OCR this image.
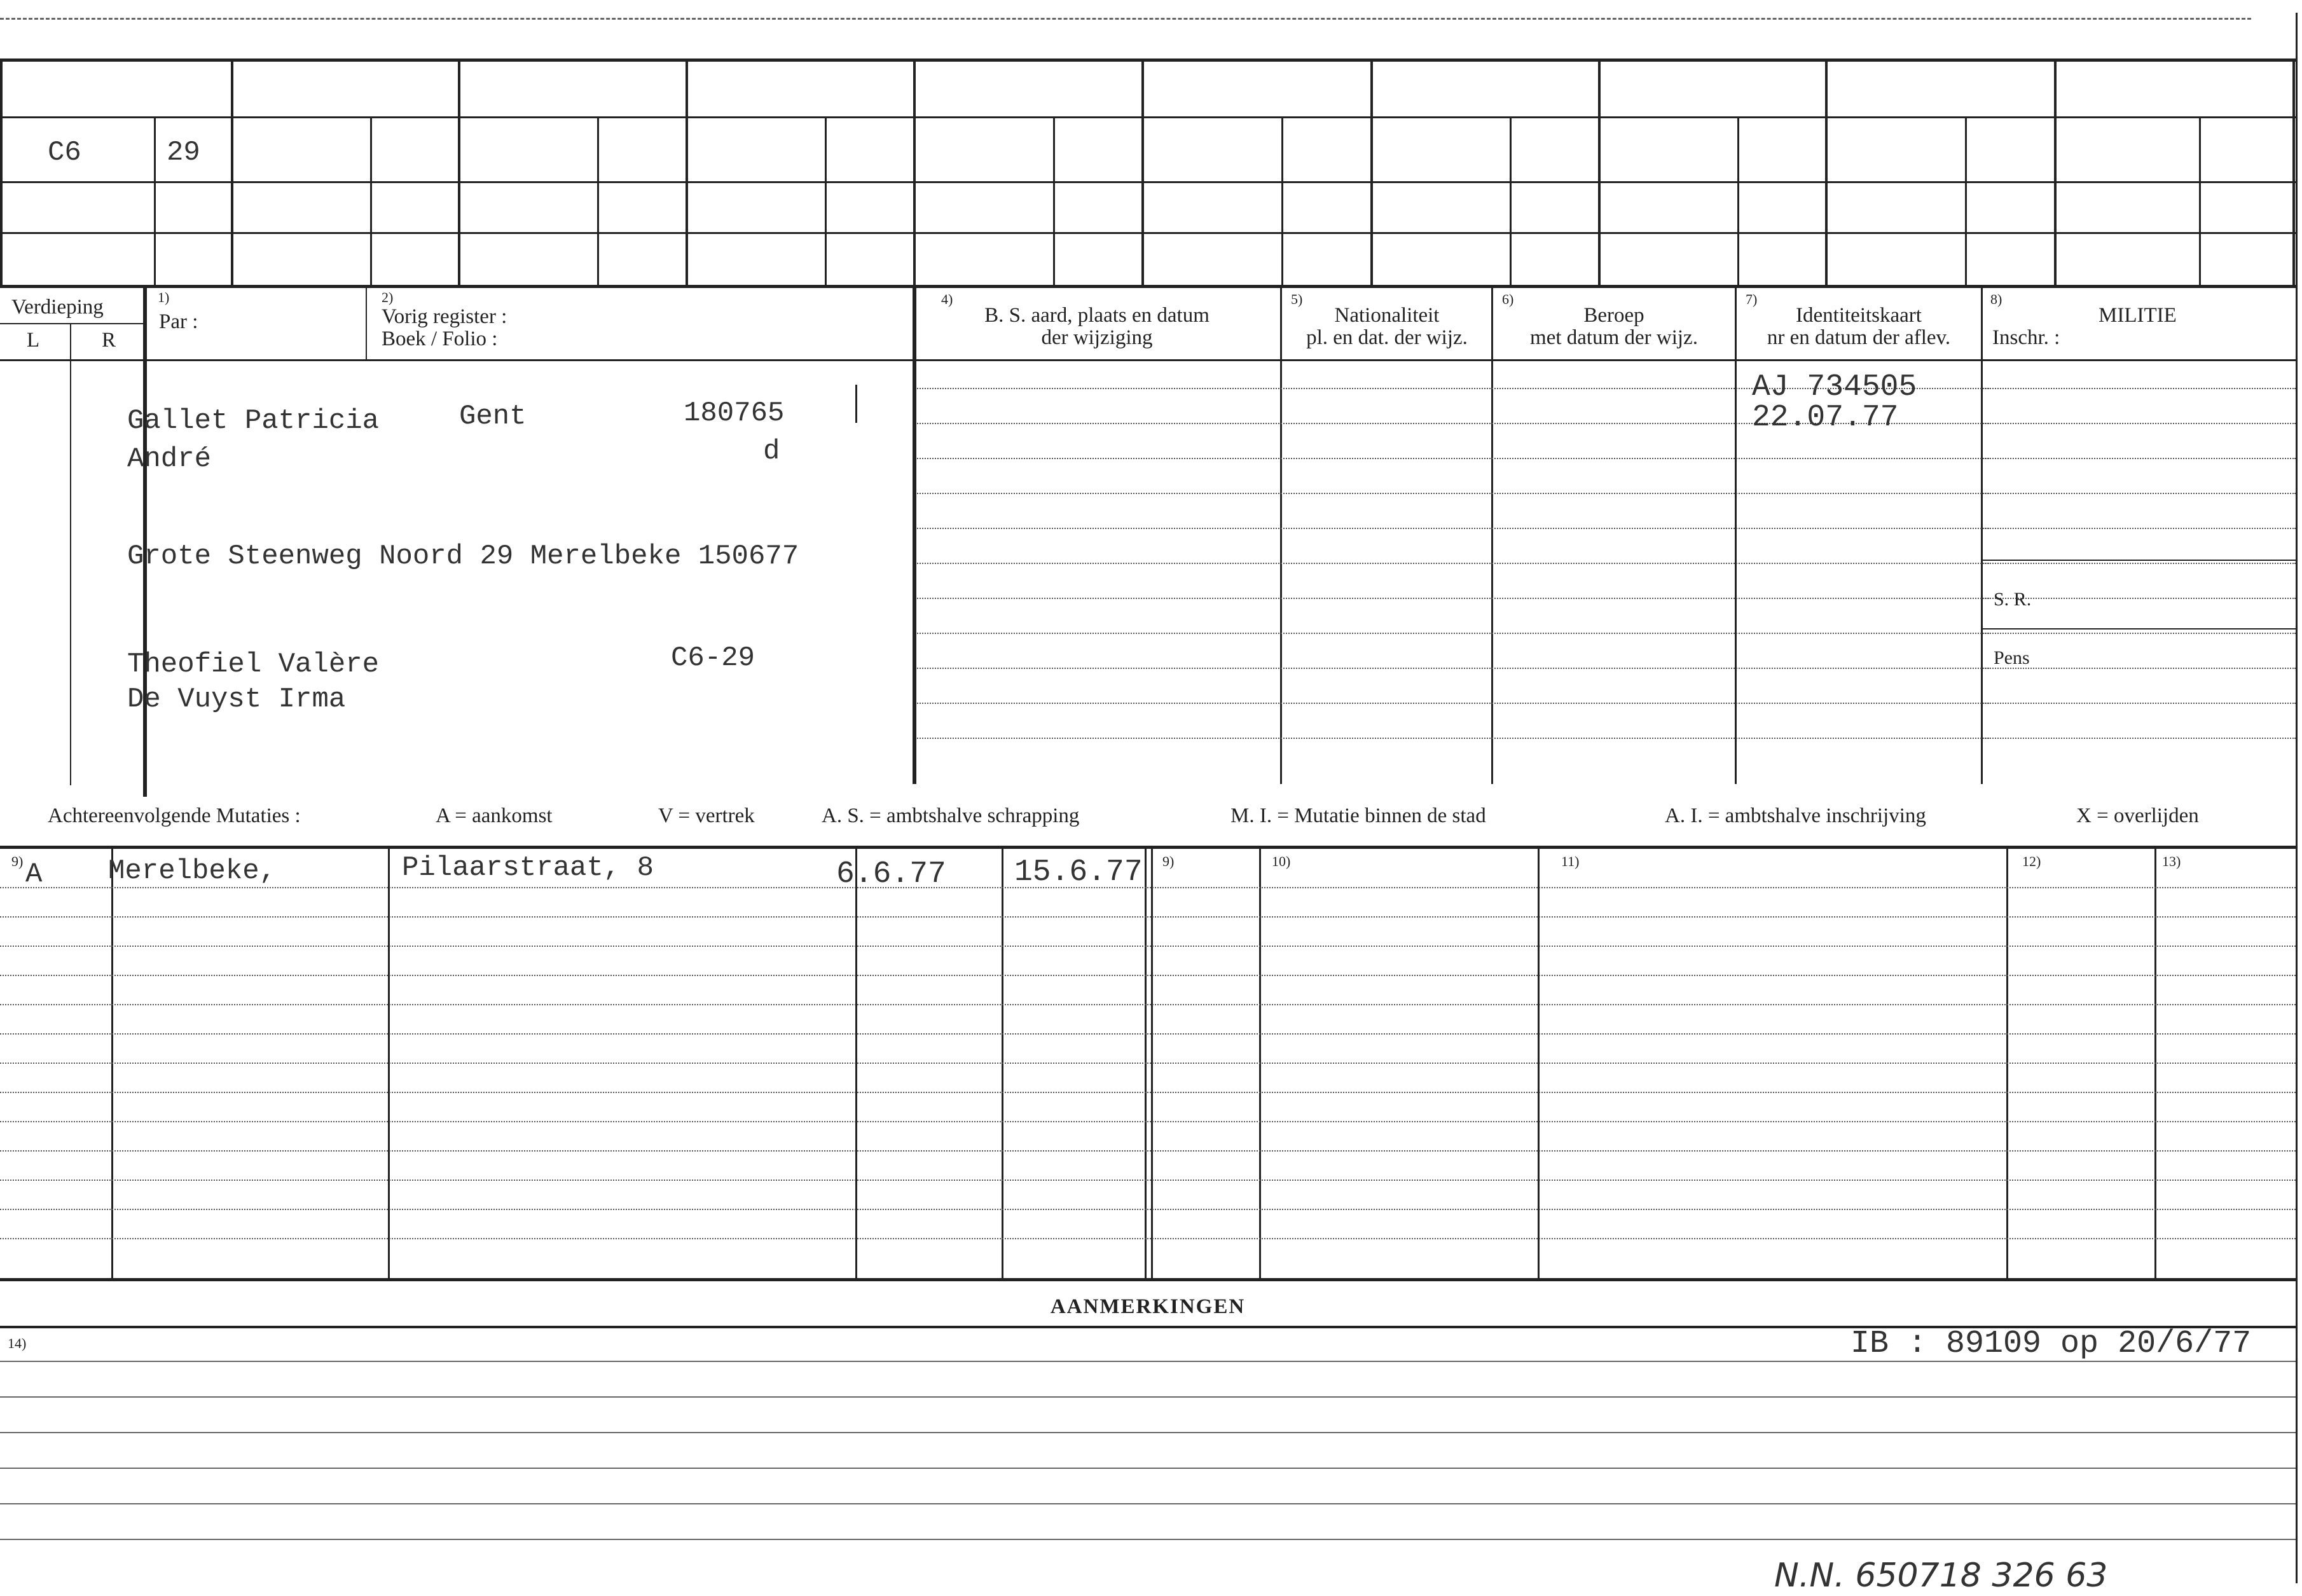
C6	29
Verdieping
L	R
1)
Par :
2)
Vorig register :
Boek / Folio :
4)
B. S. aard, plaats en datum
der wijziging
5)
Nationaliteit
pl. en dat. der wijz.
6)
Beroep
met datum der wijz.
7)
Identiteitskaart
nr en datum der aflev.
8)
MILITIE
Inschr. :
S. R.
Pens
Gallet Patricia
André
Gent	180765
d
Grote Steenweg Noord 29 Merelbeke 150677
Theofiel Valère
De Vuyst Irma
C6-29
AJ 734505
22.07.77
Achtereenvolgende Mutaties :	A = aankomst	V = vertrek	A. S. = ambtshalve schrapping	M. I. = Mutatie binnen de stad	A. I. = ambtshalve inschrijving	X = overlijden
9)	9)	10)	11)	12)	13)
A Merelbeke,	Pilaarstraat, 8	6.6.77 15.6.77
AANMERKINGEN
14)	IB : 89109 op 20/6/77
N.N. 650718 326 63
